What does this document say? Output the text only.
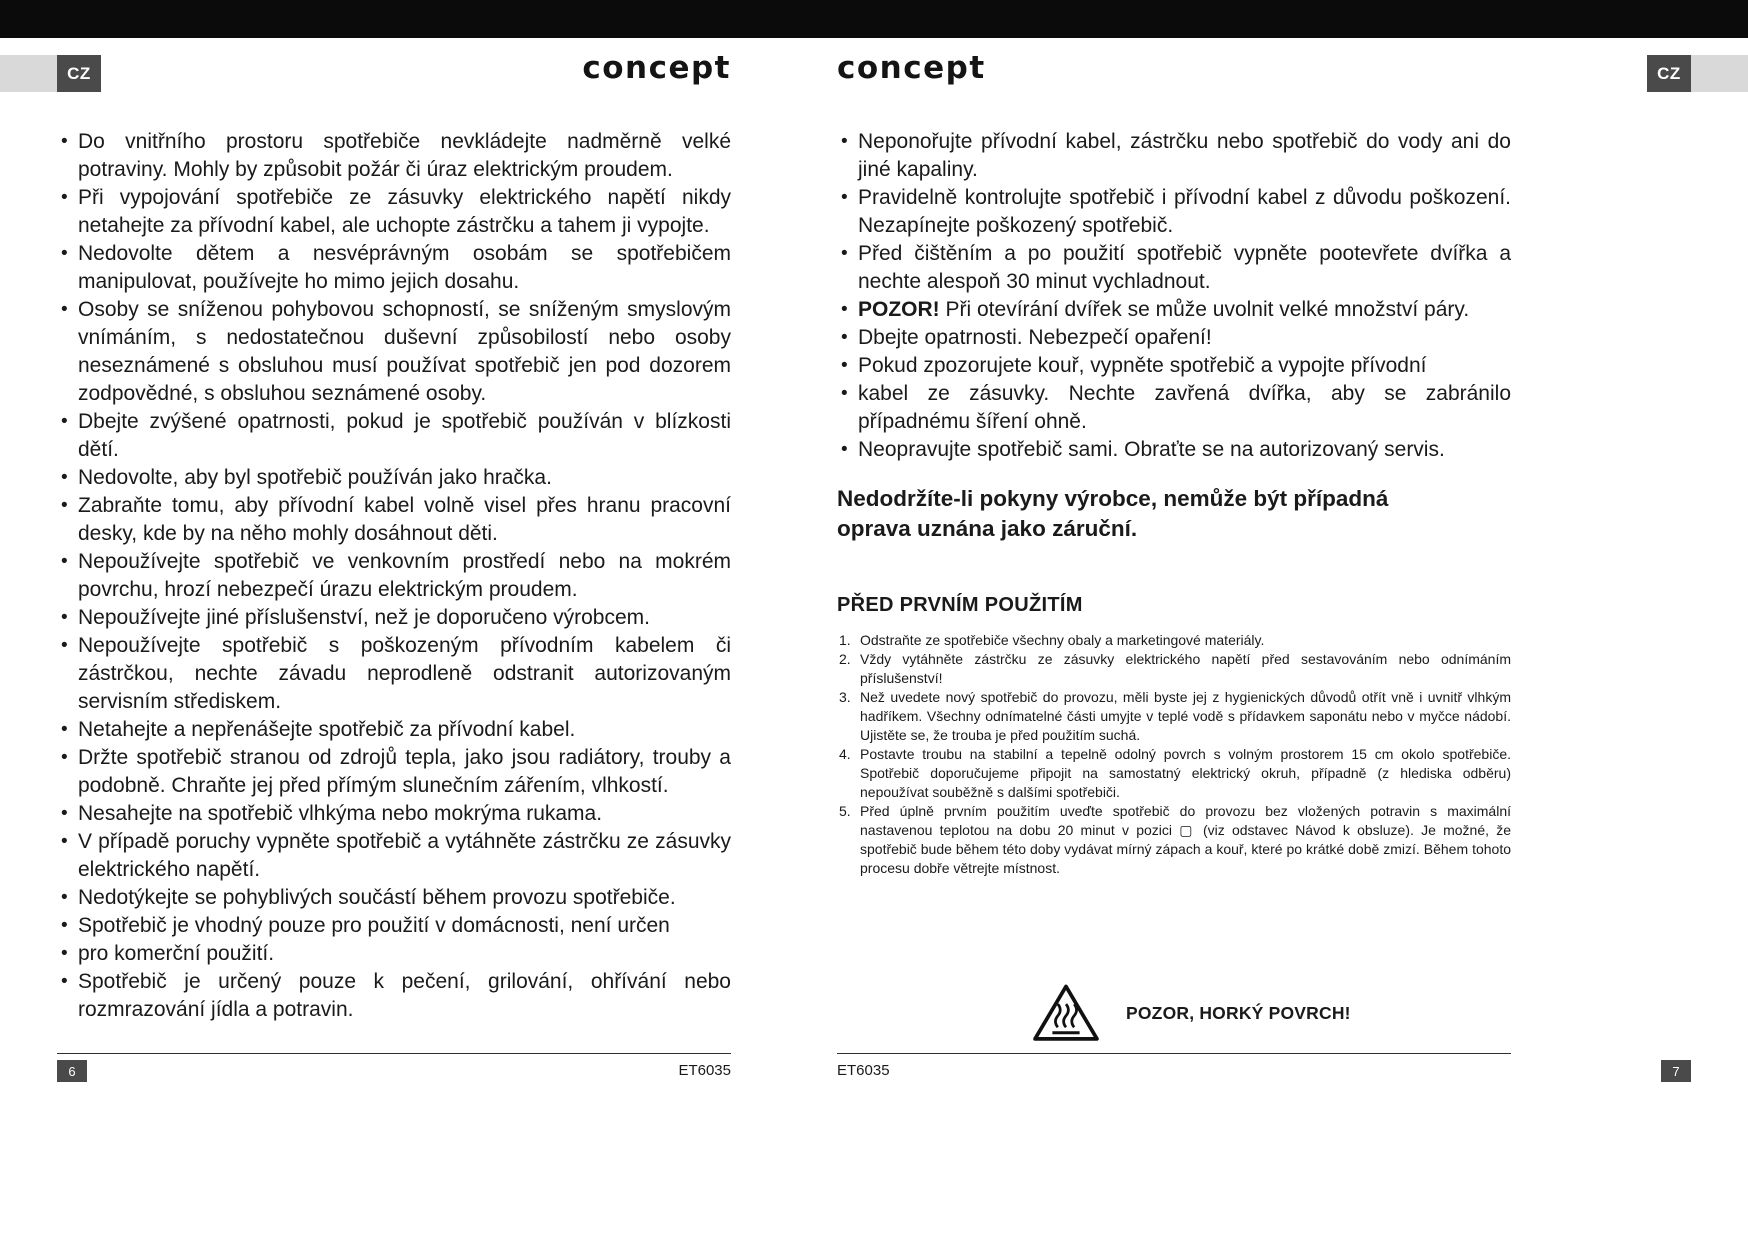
CZ	CZ
concept	concept
• Do vnitřního prostoru spotřebiče nevkládejte nadměrně velké potraviny. Mohly by způsobit požár či úraz elektrickým proudem.
• Při vypojování spotřebiče ze zásuvky elektrického napětí nikdy netahejte za přívodní kabel, ale uchopte zástrčku a tahem ji vypojte.
• Nedovolte dětem a nesvéprávným osobám se spotřebičem manipulovat, používejte ho mimo jejich dosahu.
• Osoby se sníženou pohybovou schopností, se sníženým smyslovým vnímáním, s nedostatečnou duševní způsobilostí nebo osoby neseznámené s obsluhou musí používat spotřebič jen pod dozorem zodpovědné, s obsluhou seznámené osoby.
• Dbejte zvýšené opatrnosti, pokud je spotřebič používán v blízkosti dětí.
• Nedovolte, aby byl spotřebič používán jako hračka.
• Zabraňte tomu, aby přívodní kabel volně visel přes hranu pracovní desky, kde by na něho mohly dosáhnout děti.
• Nepoužívejte spotřebič ve venkovním prostředí nebo na mokrém povrchu, hrozí nebezpečí úrazu elektrickým proudem.
• Nepoužívejte jiné příslušenství, než je doporučeno výrobcem.
• Nepoužívejte spotřebič s poškozeným přívodním kabelem či zástrčkou, nechte závadu neprodleně odstranit autorizovaným servisním střediskem.
• Netahejte a nepřenášejte spotřebič za přívodní kabel.
• Držte spotřebič stranou od zdrojů tepla, jako jsou radiátory, trouby a podobně. Chraňte jej před přímým slunečním zářením, vlhkostí.
• Nesahejte na spotřebič vlhkýma nebo mokrýma rukama.
• V případě poruchy vypněte spotřebič a vytáhněte zástrčku ze zásuvky elektrického napětí.
• Nedotýkejte se pohyblivých součástí během provozu spotřebiče.
• Spotřebič je vhodný pouze pro použití v domácnosti, není určen
• pro komerční použití.
• Spotřebič je určený pouze k pečení, grilování, ohřívání nebo rozmrazování jídla a potravin.
• Neponořujte přívodní kabel, zástrčku nebo spotřebič do vody ani do jiné kapaliny.
• Pravidelně kontrolujte spotřebič i přívodní kabel z důvodu poškození. Nezapínejte poškozený spotřebič.
• Před čištěním a po použití spotřebič vypněte pootevřete dvířka a nechte alespoň 30 minut vychladnout.
• POZOR! Při otevírání dvířek se může uvolnit velké množství páry.
• Dbejte opatrnosti. Nebezpečí opaření!
• Pokud zpozorujete kouř, vypněte spotřebič a vypojte přívodní
• kabel ze zásuvky. Nechte zavřená dvířka, aby se zabránilo případnému šíření ohně.
• Neopravujte spotřebič sami. Obraťte se na autorizovaný servis.

Nedodržíte-li pokyny výrobce, nemůže být případná oprava uznána jako záruční.

PŘED PRVNÍM POUŽITÍM
Odstraňte ze spotřebiče všechny obaly a marketingové materiály.
Vždy vytáhněte zástrčku ze zásuvky elektrického napětí před sestavováním nebo odnímáním příslušenství!
Než uvedete nový spotřebič do provozu, měli byste jej z hygienických důvodů otřít vně i uvnitř vlhkým hadříkem. Všechny odnímatelné části umyjte v teplé vodě s přídavkem saponátu nebo v myčce nádobí. Ujistěte se, že trouba je před použitím suchá.
Postavte troubu na stabilní a tepelně odolný povrch s volným prostorem 15 cm okolo spotřebiče. Spotřebič doporučujeme připojit na samostatný elektrický okruh, případně (z hlediska odběru) nepoužívat souběžně s dalšími spotřebiči.
Před úplně prvním použitím uveďte spotřebič do provozu bez vložených potravin s maximální nastavenou teplotou na dobu 20 minut v pozici ▢ (viz odstavec Návod k obsluze). Je možné, že spotřebič bude během této doby vydávat mírný zápach a kouř, které po krátké době zmizí. Během tohoto procesu dobře větrejte místnost.
POZOR, HORKÝ POVRCH!
6	ET6035	ET6035	7
